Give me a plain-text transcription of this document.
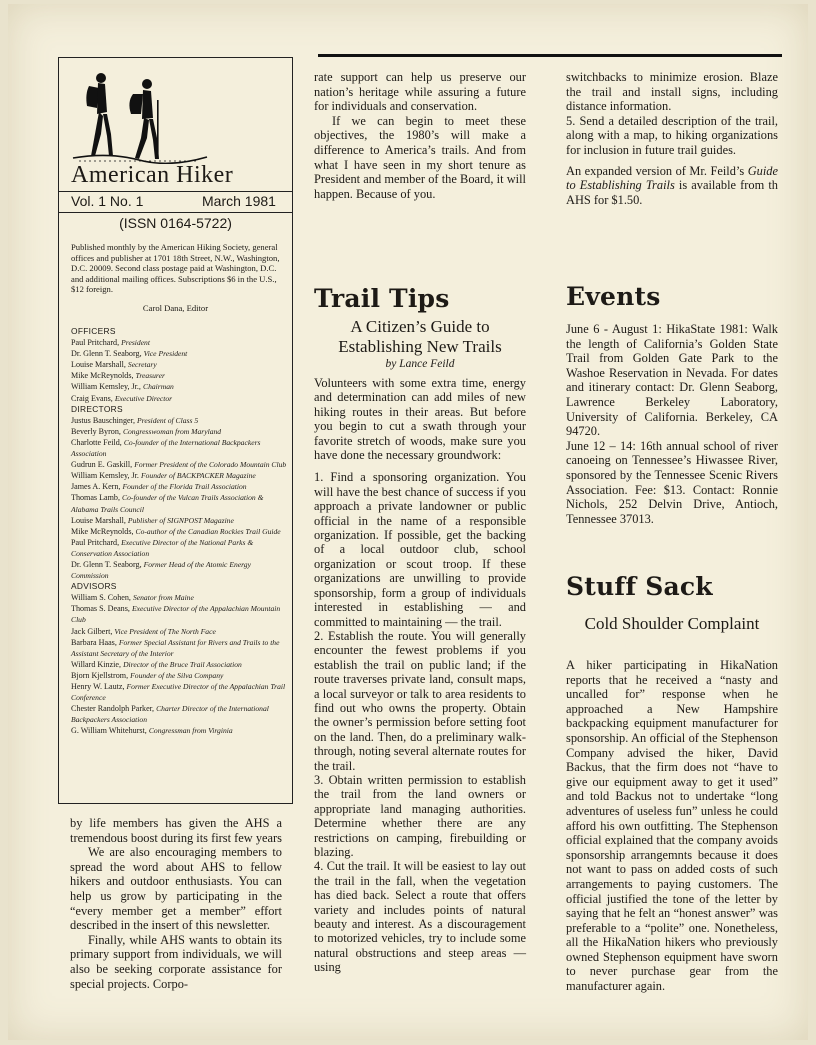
American Hiker
Vol. 1 No. 1	March 1981
(ISSN 0164-5722)
Published monthly by the American Hiking Society, general offices and publisher at 1701 18th Street, N.W., Washington, D.C. 20009. Second class postage paid at Washington, D.C. and additional mailing offices. Subscriptions $6 in the U.S., $12 foreign.
Carol Dana, Editor
OFFICERS
Paul Pritchard, President
Dr. Glenn T. Seaborg, Vice President
Louise Marshall, Secretary
Mike McReynolds, Treasurer
William Kemsley, Jr., Chairman
Craig Evans, Executive Director
DIRECTORS
Justus Bauschinger, President of Class 5
Beverly Byron, Congresswoman from Maryland
Charlotte Feild, Co-founder of the International Backpackers Association
Gudrun E. Gaskill, Former President of the Colorado Mountain Club
William Kemsley, Jr. Founder of BACKPACKER Magazine
James A. Kern, Founder of the Florida Trail Association
Thomas Lamb, Co-founder of the Vulcan Trails Association & Alabama Trails Council
Louise Marshall, Publisher of SIGNPOST Magazine
Mike McReynolds, Co-author of the Canadian Rockies Trail Guide
Paul Pritchard, Executive Director of the National Parks & Conservation Association
Dr. Glenn T. Seaborg, Former Head of the Atomic Energy Commission
ADVISORS
William S. Cohen, Senator from Maine
Thomas S. Deans, Executive Director of the Appalachian Mountain Club
Jack Gilbert, Vice President of The North Face
Barbara Haas, Former Special Assistant for Rivers and Trails to the Assistant Secretary of the Interior
Willard Kinzie, Director of the Bruce Trail Association
Bjorn Kjellstrom, Founder of the Silva Company
Henry W. Lautz, Former Executive Director of the Appalachian Trail Conference
Chester Randolph Parker, Charter Director of the International Backpackers Association
G. William Whitehurst, Congressman from Virginia

by life members has given the AHS a tremendous boost during its first few years

We are also encouraging members to spread the word about AHS to fellow hikers and outdoor enthusiasts. You can help us grow by participating in the “every member get a member” effort described in the insert of this newsletter.

Finally, while AHS wants to obtain its primary support from individuals, we will also be seeking corporate assistance for special projects. Corpo-

rate support can help us preserve our nation’s heritage while assuring a future for individuals and conservation.

If we can begin to meet these objectives, the 1980’s will make a difference to America’s trails. And from what I have seen in my short tenure as President and member of the Board, it will happen. Because of you.

Trail Tips
A Citizen’s Guide to Establishing New Trails
by Lance Feild

Volunteers with some extra time, energy and determination can add miles of new hiking routes in their areas. But before you begin to cut a swath through your favorite stretch of woods, make sure you have done the necessary groundwork:

1. Find a sponsoring organization. You will have the best chance of success if you approach a private landowner or public official in the name of a responsible organization. If possible, get the backing of a local outdoor club, school organization or scout troop. If these organizations are unwilling to provide sponsorship, form a group of individuals interested in establishing — and committed to maintaining — the trail.

2. Establish the route. You will generally encounter the fewest problems if you establish the trail on public land; if the route traverses private land, consult maps, a local surveyor or talk to area residents to find out who owns the property. Obtain the owner’s permission before setting foot on the land. Then, do a preliminary walk-through, noting several alternate routes for the trail.

3. Obtain written permission to establish the trail from the land owners or appropriate land managing authorities. Determine whether there are any restrictions on camping, firebuilding or blazing.

4. Cut the trail. It will be easiest to lay out the trail in the fall, when the vegetation has died back. Select a route that offers variety and includes points of natural beauty and interest. As a discouragement to motorized vehicles, try to include some natural obstructions and steep areas — using

switchbacks to minimize erosion. Blaze the trail and install signs, including distance information.

5. Send a detailed description of the trail, along with a map, to hiking organizations for inclusion in future trail guides.

An expanded version of Mr. Feild’s Guide to Establishing Trails is available from th AHS for $1.50.

Events

June 6 - August 1: HikaState 1981: Walk the length of California’s Golden State Trail from Golden Gate Park to the Washoe Reservation in Nevada. For dates and itinerary contact: Dr. Glenn Seaborg, Lawrence Berkeley Laboratory, University of California. Berkeley, CA 94720.

June 12 – 14: 16th annual school of river canoeing on Tennessee’s Hiwassee River, sponsored by the Tennessee Scenic Rivers Association. Fee: $13. Contact: Ronnie Nichols, 252 Delvin Drive, Antioch, Tennessee 37013.

Stuff Sack
Cold Shoulder Complaint

A hiker participating in HikaNation reports that he received a “nasty and uncalled for” response when he approached a New Hampshire backpacking equipment manufacturer for sponsorship. An official of the Stephenson Company advised the hiker, David Backus, that the firm does not “have to give our equipment away to get it used” and told Backus not to undertake “long adventures of useless fun” unless he could afford his own outfitting. The Stephenson official explained that the company avoids sponsorship arrangemnts because it does not want to pass on added costs of such arrangements to paying customers. The official justified the tone of the letter by saying that he felt an “honest answer” was preferable to a “polite” one. Nonetheless, all the HikaNation hikers who previously owned Stephenson equipment have sworn to never purchase gear from the manufacturer again.
